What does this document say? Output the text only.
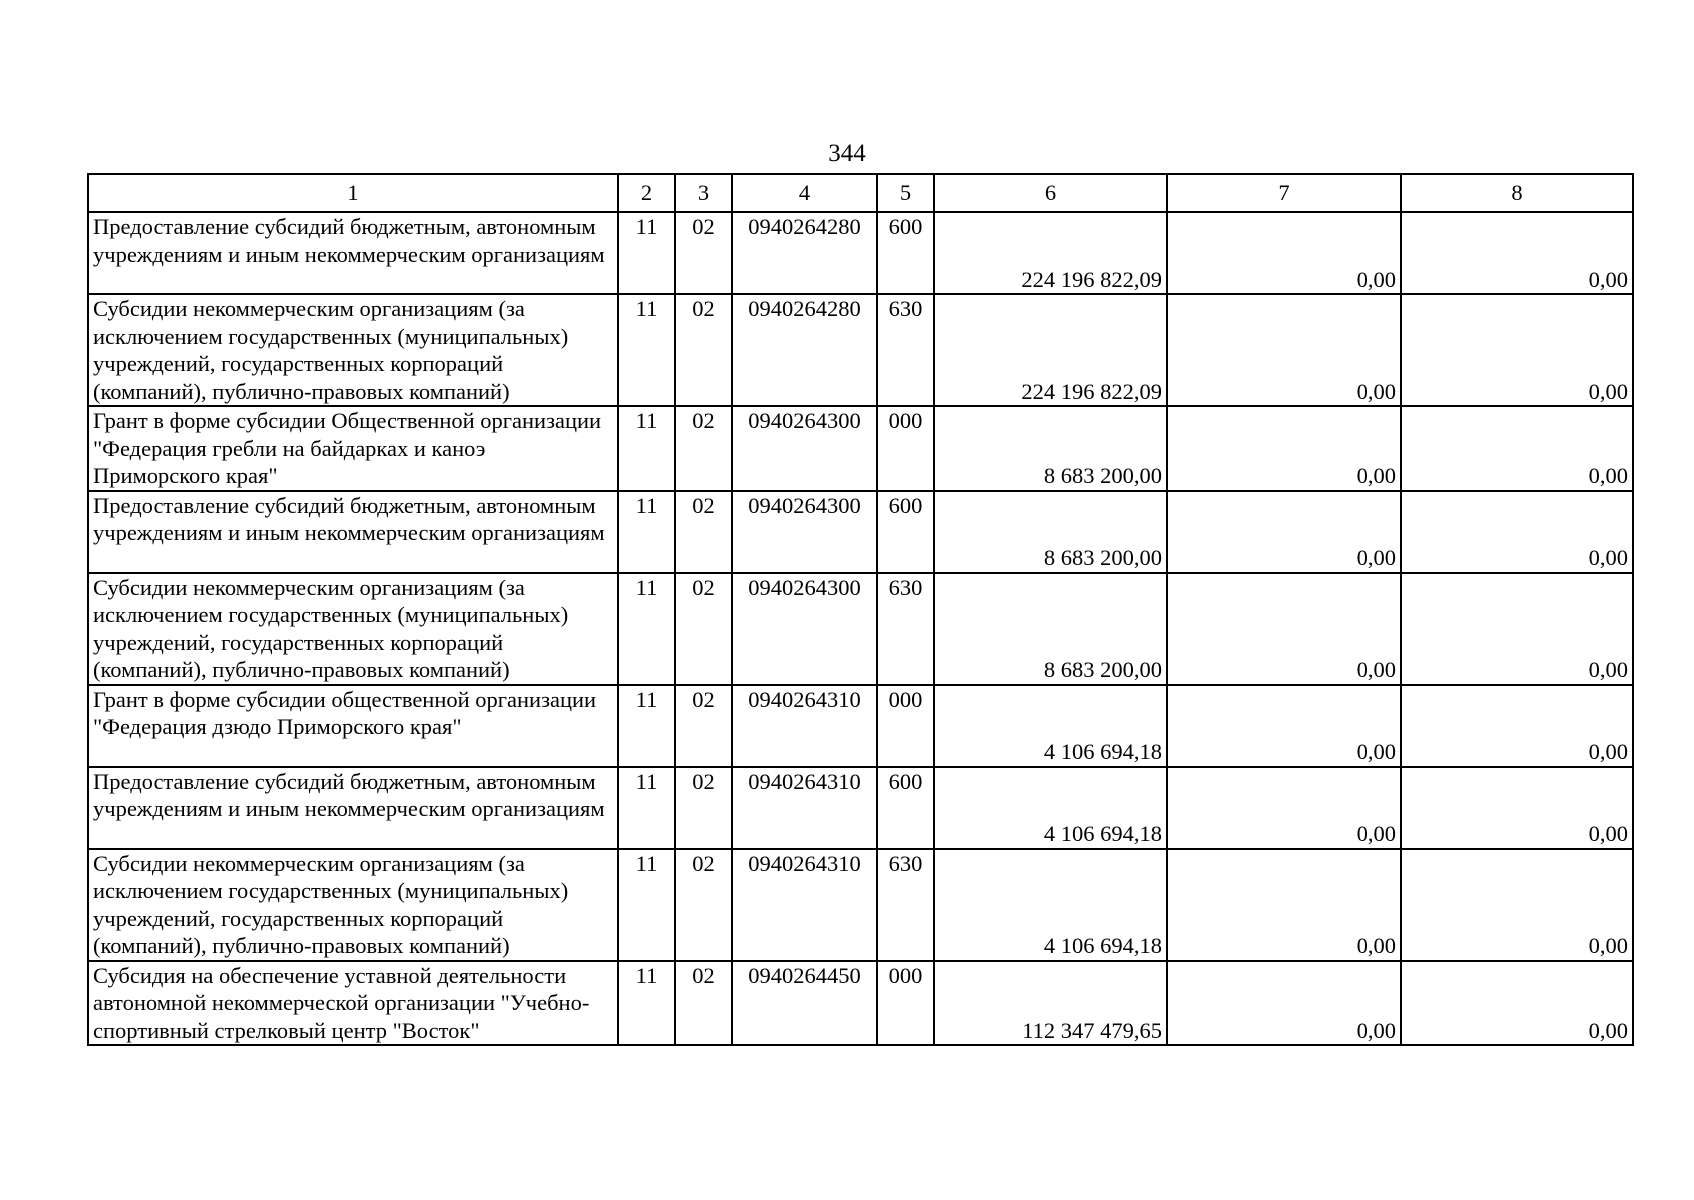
344
1	2	3	4	5	6	7	8
Предоставление субсидий бюджетным, автономным учреждениям и иным некоммерческим организациям	11	02	0940264280	600	224 196 822,09	0,00	0,00
Субсидии некоммерческим организациям (за исключением государственных (муниципальных) учреждений, государственных корпораций (компаний), публично-правовых компаний)	11	02	0940264280	630	224 196 822,09	0,00	0,00
Грант в форме субсидии Общественной организации "Федерация гребли на байдарках и каноэ Приморского края"	11	02	0940264300	000	8 683 200,00	0,00	0,00
Предоставление субсидий бюджетным, автономным учреждениям и иным некоммерческим организациям	11	02	0940264300	600	8 683 200,00	0,00	0,00
Субсидии некоммерческим организациям (за исключением государственных (муниципальных) учреждений, государственных корпораций (компаний), публично-правовых компаний)	11	02	0940264300	630	8 683 200,00	0,00	0,00
Грант в форме субсидии общественной организации "Федерация дзюдо Приморского края"	11	02	0940264310	000	4 106 694,18	0,00	0,00
Предоставление субсидий бюджетным, автономным учреждениям и иным некоммерческим организациям	11	02	0940264310	600	4 106 694,18	0,00	0,00
Субсидии некоммерческим организациям (за исключением государственных (муниципальных) учреждений, государственных корпораций (компаний), публично-правовых компаний)	11	02	0940264310	630	4 106 694,18	0,00	0,00
Субсидия на обеспечение уставной деятельности автономной некоммерческой организации "Учебно-спортивный стрелковый центр "Восток"	11	02	0940264450	000	112 347 479,65	0,00	0,00
